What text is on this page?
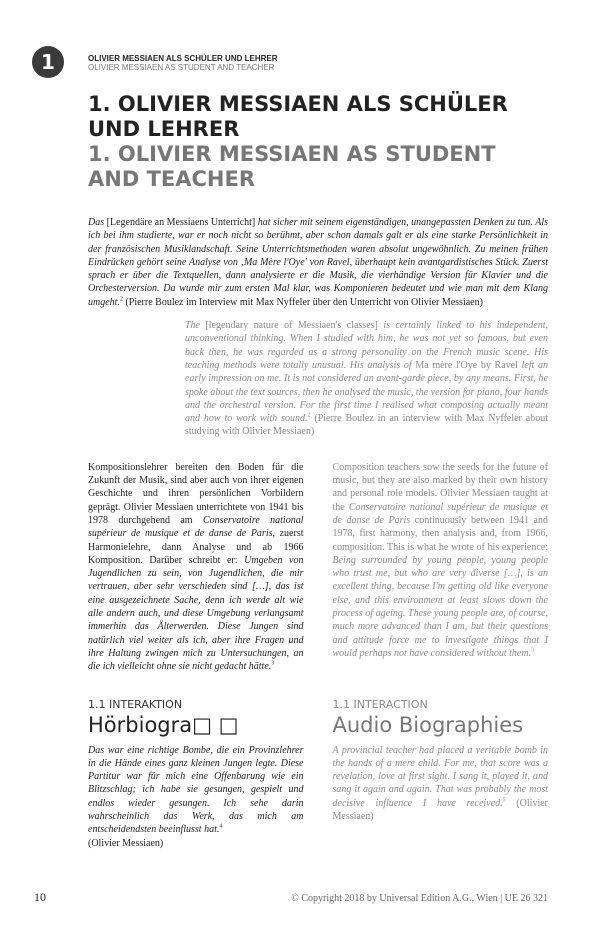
1	OLIVIER MESSIAEN ALS SCHÜLER UND LEHRER
OLIVIER MESSIAEN AS STUDENT AND TEACHER
1. OLIVIER MESSIAEN ALS SCHÜLER UND LEHRER
1. OLIVIER MESSIAEN AS STUDENT AND TEACHER
Das [Legendäre an Messiaens Unterricht] hat sicher mit seinem eigenständigen, unangepassten Denken zu tun. Als ich bei ihm studierte, war er noch nicht so berühmt, aber schon damals galt er als eine starke Persönlichkeit in der französischen Musiklandschaft. Seine Unterrichtsmethoden waren absolut ungewöhnlich. Zu meinen frühen Eindrücken gehört seine Analyse von ‚Ma Mère l'Oye' von Ravel, überhaupt kein avantgardistisches Stück. Zuerst sprach er über die Textquellen, dann analysierte er die Musik, die vierhändige Version für Klavier und die Orchesterversion. Da wurde mir zum ersten Mal klar, was Komponieren bedeutet und wie man mit dem Klang umgeht.$^2$ (Pierre Boulez im Interview mit Max Nyffeler über den Unterricht von Olivier Messiaen)
The [legendary nature of Messiaen's classes] is certainly linked to his independent, unconventional thinking. When I studied with him, he was not yet so famous, but even back then, he was regarded as a strong personality on the French music scene. His teaching methods were totally unusual. His analysis of Ma mère l'Oye by Ravel left an early impression on me. It is not considered an avant-garde piece, by any means. First, he spoke about the text sources, then he analysed the music, the version for piano, four hands and the orchestral version. For the first time I realised what composing actually meant and how to work with sound.$^2$ (Pierre Boulez in an interview with Max Nyffeler about studying with Olivier Messiaen)
Kompositionslehrer bereiten den Boden für die Zukunft der Musik, sind aber auch von ihrer eigenen Geschichte und ihren persönlichen Vorbildern geprägt. Olivier Messiaen unterrichtete von 1941 bis 1978 durchgehend am Conservatoire national supérieur de musique et de danse de Paris, zuerst Harmonielehre, dann Analyse und ab 1966 Komposition. Darüber schreibt er: Umgeben von Jugendlichen zu sein, von Jugendlichen, die mir vertrauen, aber sehr verschieden sind […], das ist eine ausgezeichnete Sache, denn ich werde alt wie alle andern auch, und diese Umgebung verlangsamt immerhin das Älterwerden. Diese Jungen sind natürlich viel weiter als ich, aber ihre Fragen und ihre Haltung zwingen mich zu Untersuchungen, an die ich vielleicht ohne sie nicht gedacht hätte.$^3$
Composition teachers sow the seeds for the future of music, but they are also marked by their own history and personal role models. Olivier Messiaen taught at the Conservatoire national supérieur de musique et de danse de Paris continuously between 1941 and 1978, first harmony, then analysis and, from 1966, composition. This is what he wrote of his experience: Being surrounded by young people, young people who trust me, but who are very diverse […], is an excellent thing, because I'm getting old like everyone else, and this environment at least slows down the process of ageing. These young people are, of course, much more advanced than I am, but their questions and attitude force me to investigate things that I would perhaps not have considered without them.$^3$
1.1 INTERAKTION
Hörbiogra□ □
Das war eine richtige Bombe, die ein Provinzlehrer in die Hände eines ganz kleinen Jungen legte. Diese Partitur war für mich eine Offenbarung wie ein Blitzschlag; ich habe sie gesungen, gespielt und endlos wieder gesungen. Ich sehe darin wahrscheinlich das Werk, das mich am entscheidendsten beeinflusst hat.$^4$
(Olivier Messiaen)
1.1 INTERACTION
Audio Biographies
A provincial teacher had placed a veritable bomb in the hands of a mere child. For me, that score was a revelation, love at first sight. I sang it, played it, and sang it again and again. That was probably the most decisive influence I have received.$^5$ (Olivier Messiaen)
10	© Copyright 2018 by Universal Edition A.G., Wien | UE 26 321
